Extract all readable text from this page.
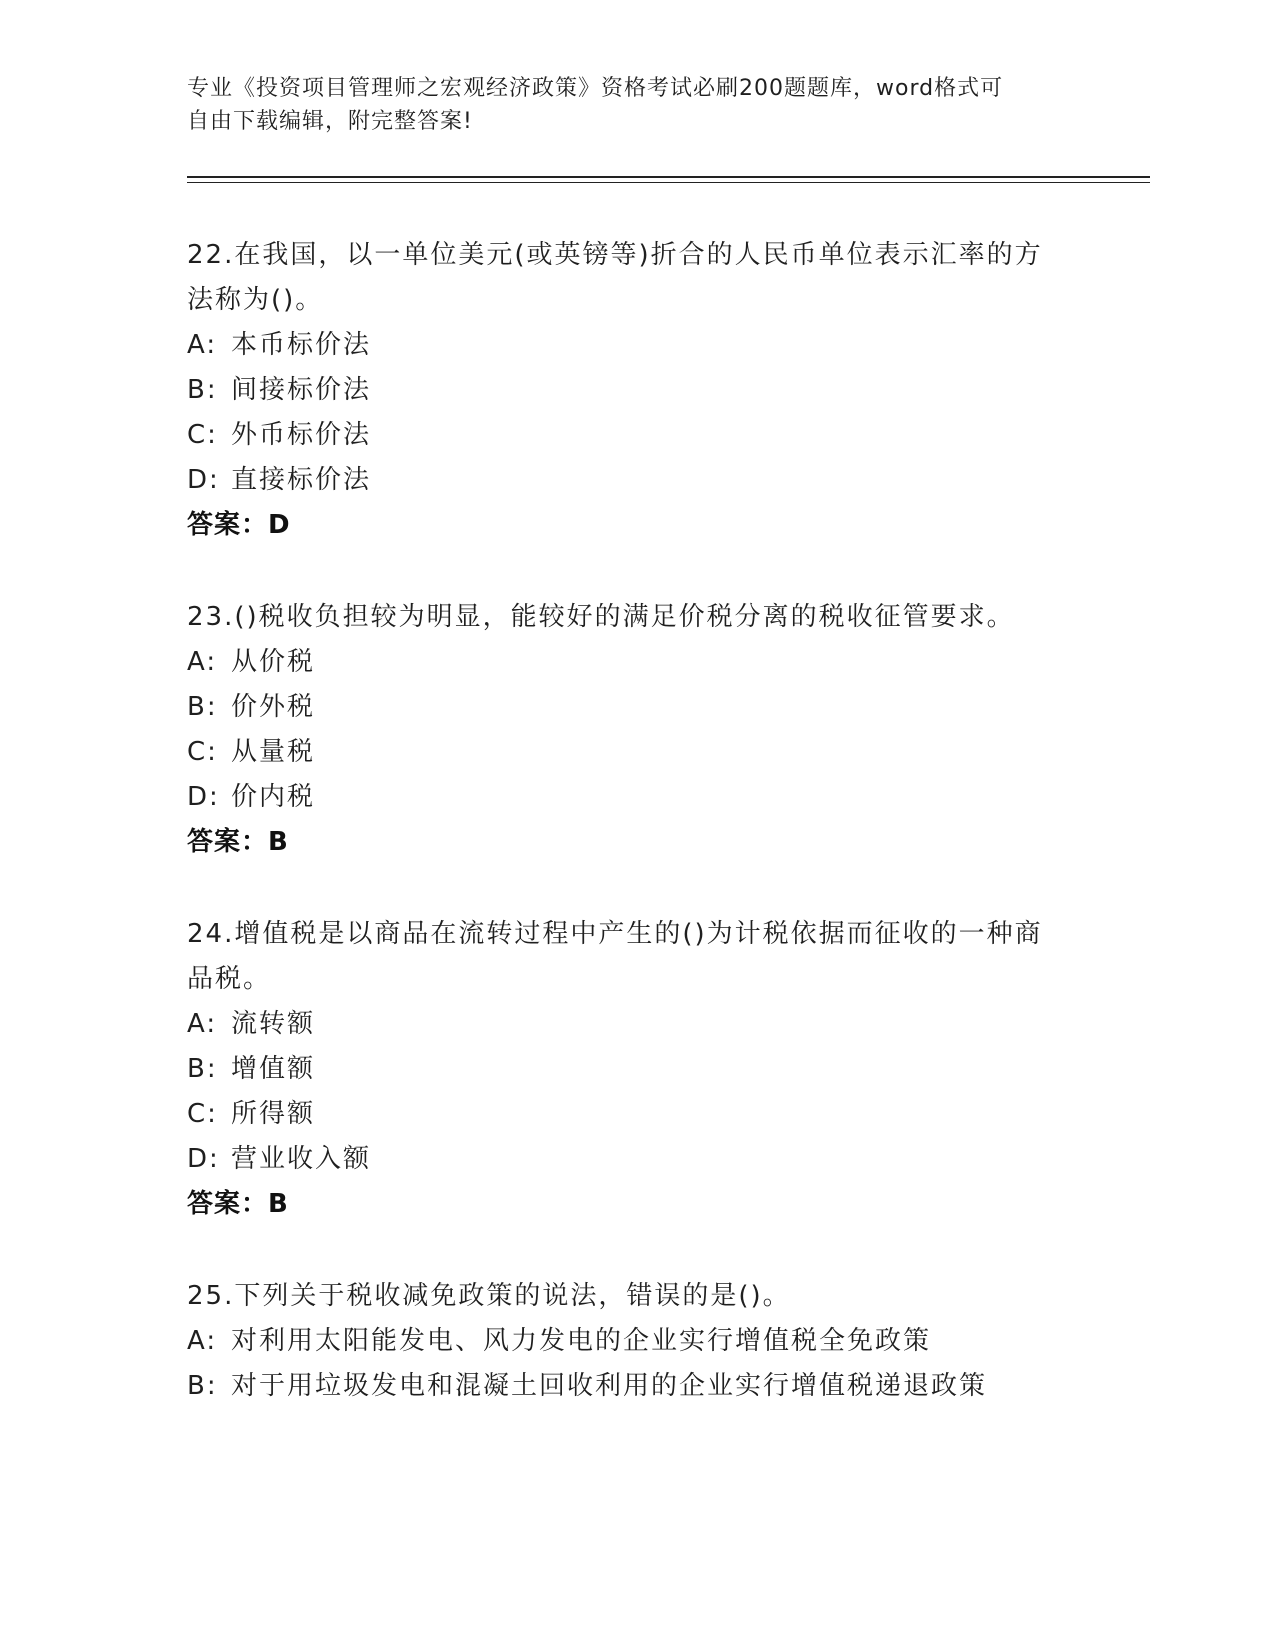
专业《投资项目管理师之宏观经济政策》资格考试必刷200题题库，word格式可
自由下载编辑，附完整答案!
22.在我国，以一单位美元(或英镑等)折合的人民币单位表示汇率的方
法称为()。
A: 本币标价法
B: 间接标价法
C: 外币标价法
D: 直接标价法
答案：D
23.()税收负担较为明显，能较好的满足价税分离的税收征管要求。
A: 从价税
B: 价外税
C: 从量税
D: 价内税
答案：B
24.增值税是以商品在流转过程中产生的()为计税依据而征收的一种商
品税。
A: 流转额
B: 增值额
C: 所得额
D: 营业收入额
答案：B
25.下列关于税收减免政策的说法，错误的是()。
A: 对利用太阳能发电、风力发电的企业实行增值税全免政策
B: 对于用垃圾发电和混凝土回收利用的企业实行增值税递退政策
